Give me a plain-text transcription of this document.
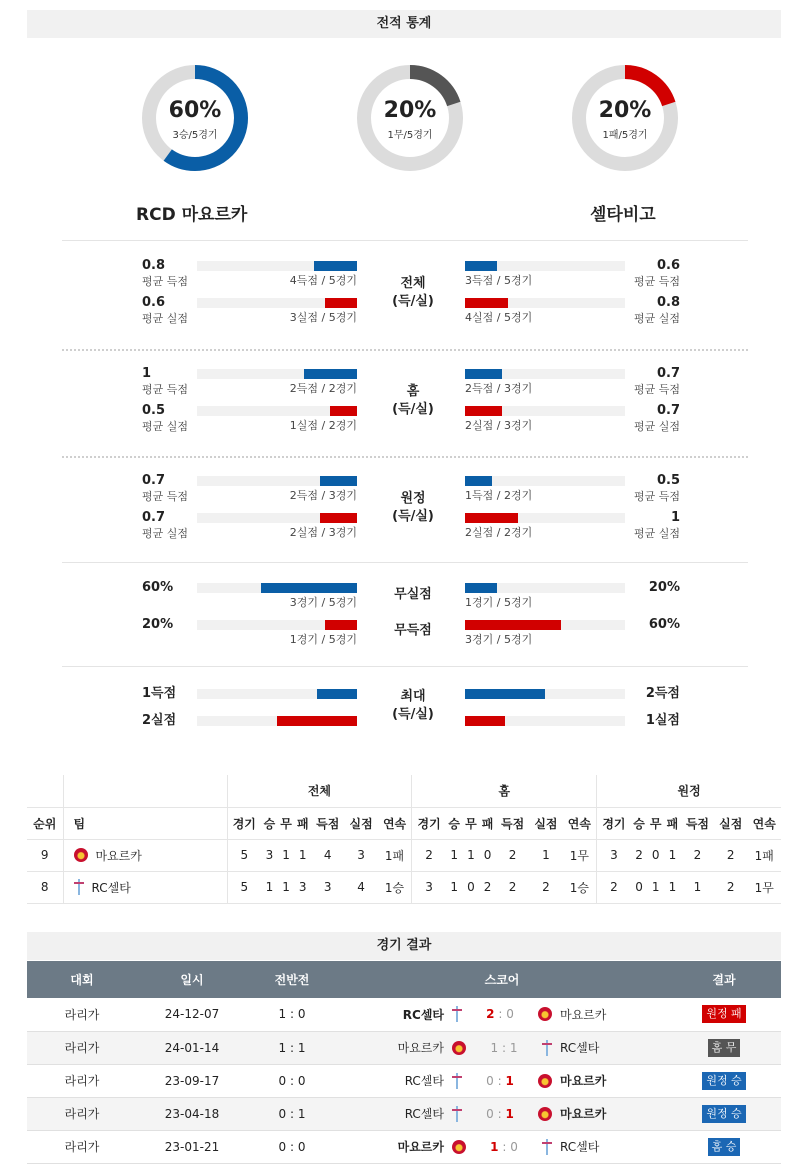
전적 통계
60%
3승/5경기
20%
1무/5경기
20%
1패/5경기
RCD 마요르카	셀타비고
0.8
평균 득점
0.6
평균 득점
4득점 / 5경기	3득점 / 5경기
0.6
평균 실점
0.8
평균 실점
3실점 / 5경기	4실점 / 5경기
전체
(득/실)
1
평균 득점
0.7
평균 득점
2득점 / 2경기	2득점 / 3경기
0.5
평균 실점
0.7
평균 실점
1실점 / 2경기	2실점 / 3경기
홈
(득/실)
0.7
평균 득점
0.5
평균 득점
2득점 / 3경기	1득점 / 2경기
0.7
평균 실점
1
평균 실점
2실점 / 3경기	2실점 / 2경기
원정
(득/실)
60%	20%
3경기 / 5경기	1경기 / 5경기
20%	60%
1경기 / 5경기	3경기 / 5경기
무실점
무득점
1득점	2득점
2실점	1실점
최대
(득/실)
		전체							홈							원정						
순위	팀	경기	승	무	패	득점	실점	연속	경기	승	무	패	득점	실점	연속	경기	승	무	패	득점	실점	연속
9	마요르카	5	3	1	1	4	3	1패	2	1	1	0	2	1	1무	3	2	0	1	2	2	1패
8	RC셀타	5	1	1	3	3	4	1승	3	1	0	2	2	2	1승	2	0	1	1	1	2	1무
경기 결과
대회	일시	전반전	스코어	결과
라리가	24-12-07	1 : 0	RC셀타 2 : 0 마요르카	원정 패
라리가	24-01-14	1 : 1	마요르카 1 : 1 RC셀타	홈 무
라리가	23-09-17	0 : 0	RC셀타 0 : 1 마요르카	원정 승
라리가	23-04-18	0 : 1	RC셀타 0 : 1 마요르카	원정 승
라리가	23-01-21	0 : 0	마요르카 1 : 0 RC셀타	홈 승
